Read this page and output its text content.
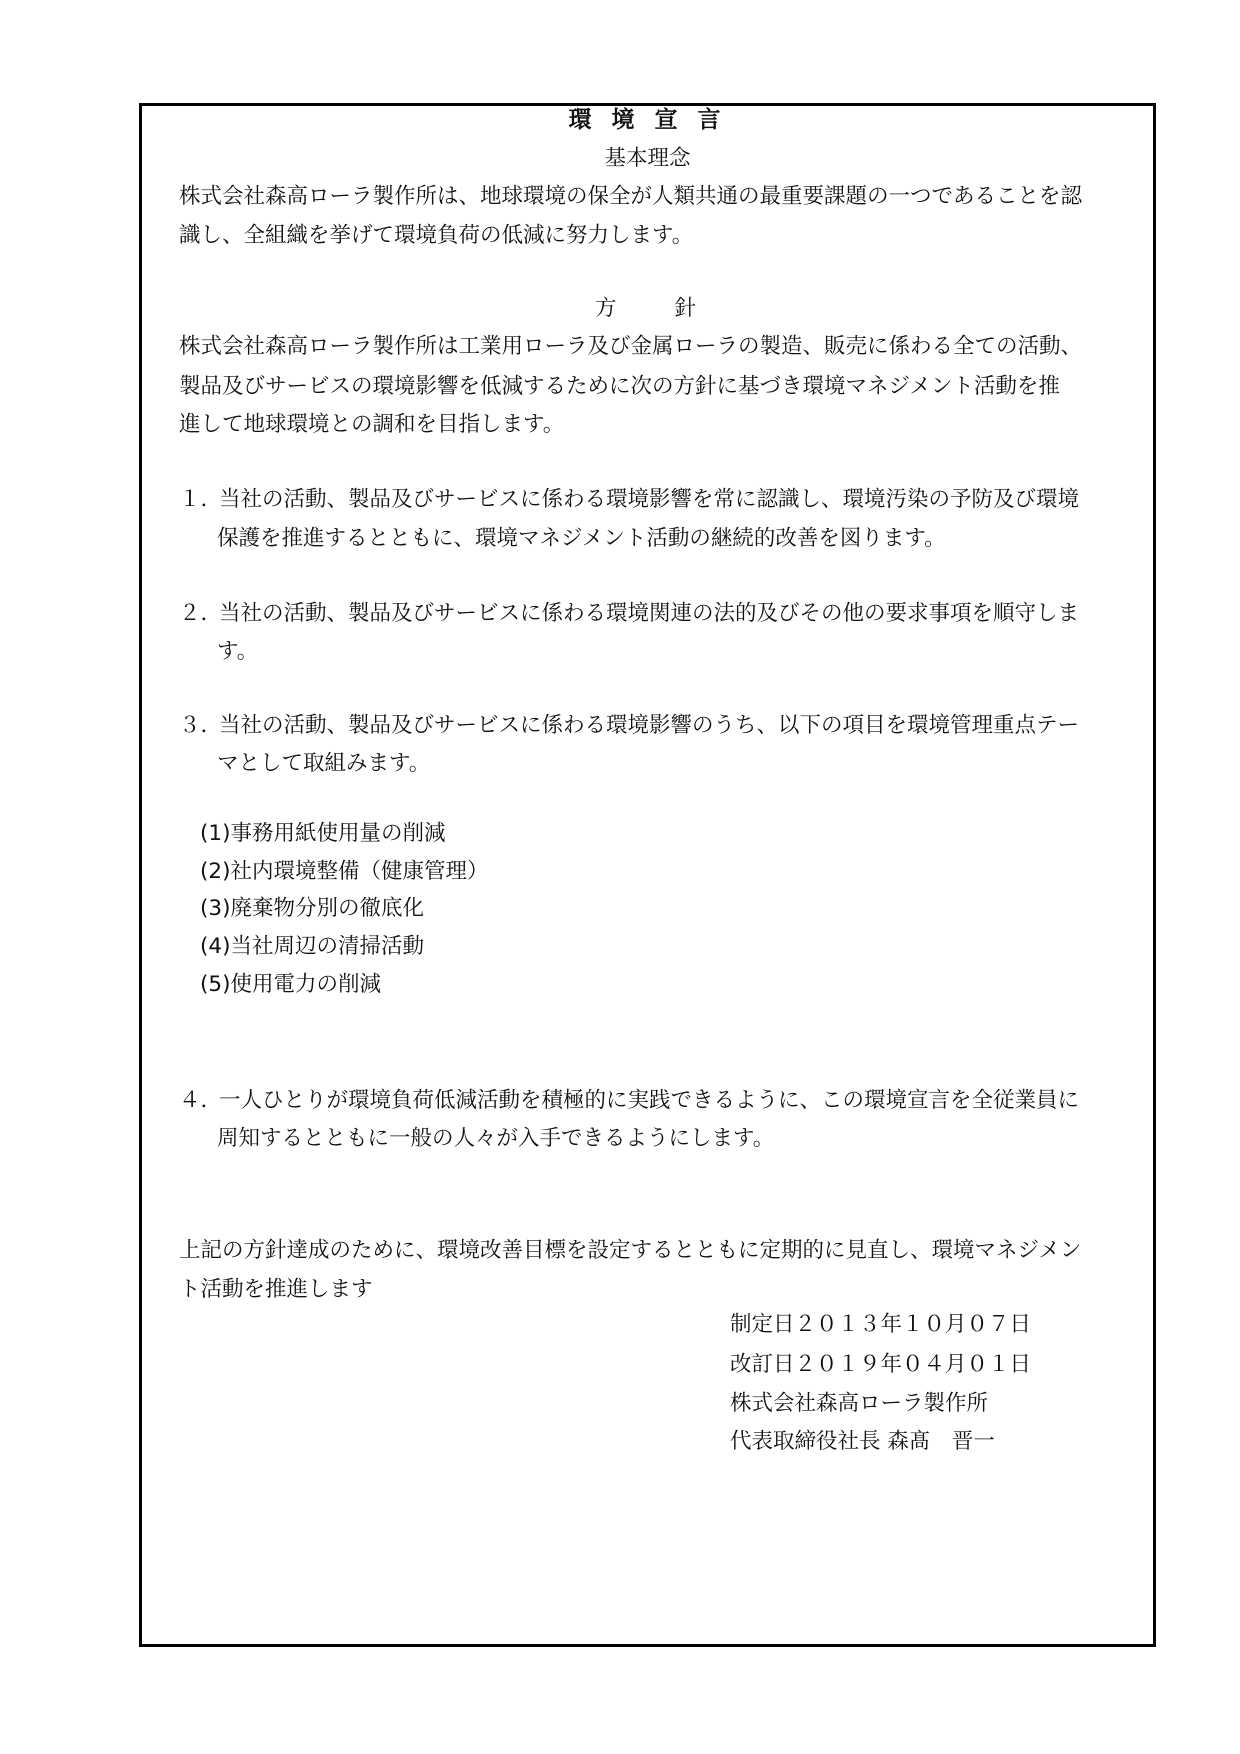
環 境 宣 言
基本理念
株式会社森高ローラ製作所は、地球環境の保全が人類共通の最重要課題の一つであることを認
識し、全組織を挙げて環境負荷の低減に努力します。
方	針
株式会社森高ローラ製作所は工業用ローラ及び金属ローラの製造、販売に係わる全ての活動、
製品及びサービスの環境影響を低減するために次の方針に基づき環境マネジメント活動を推
進して地球環境との調和を目指します。
１．
当社の活動、製品及びサービスに係わる環境影響を常に認識し、環境汚染の予防及び環境
保護を推進するとともに、環境マネジメント活動の継続的改善を図ります。
２．
当社の活動、製品及びサービスに係わる環境関連の法的及びその他の要求事項を順守しま
す。
３．
当社の活動、製品及びサービスに係わる環境影響のうち、以下の項目を環境管理重点テー
マとして取組みます。
(1)事務用紙使用量の削減
(2)社内環境整備（健康管理）
(3)廃棄物分別の徹底化
(4)当社周辺の清掃活動
(5)使用電力の削減
４．
一人ひとりが環境負荷低減活動を積極的に実践できるように、この環境宣言を全従業員に
周知するとともに一般の人々が入手できるようにします。
上記の方針達成のために、環境改善目標を設定するとともに定期的に見直し、環境マネジメン
ト活動を推進します
制定日２０１３年１０月０７日
改訂日２０１９年０４月０１日
株式会社森高ローラ製作所
代表取締役社長 森髙　晋一
